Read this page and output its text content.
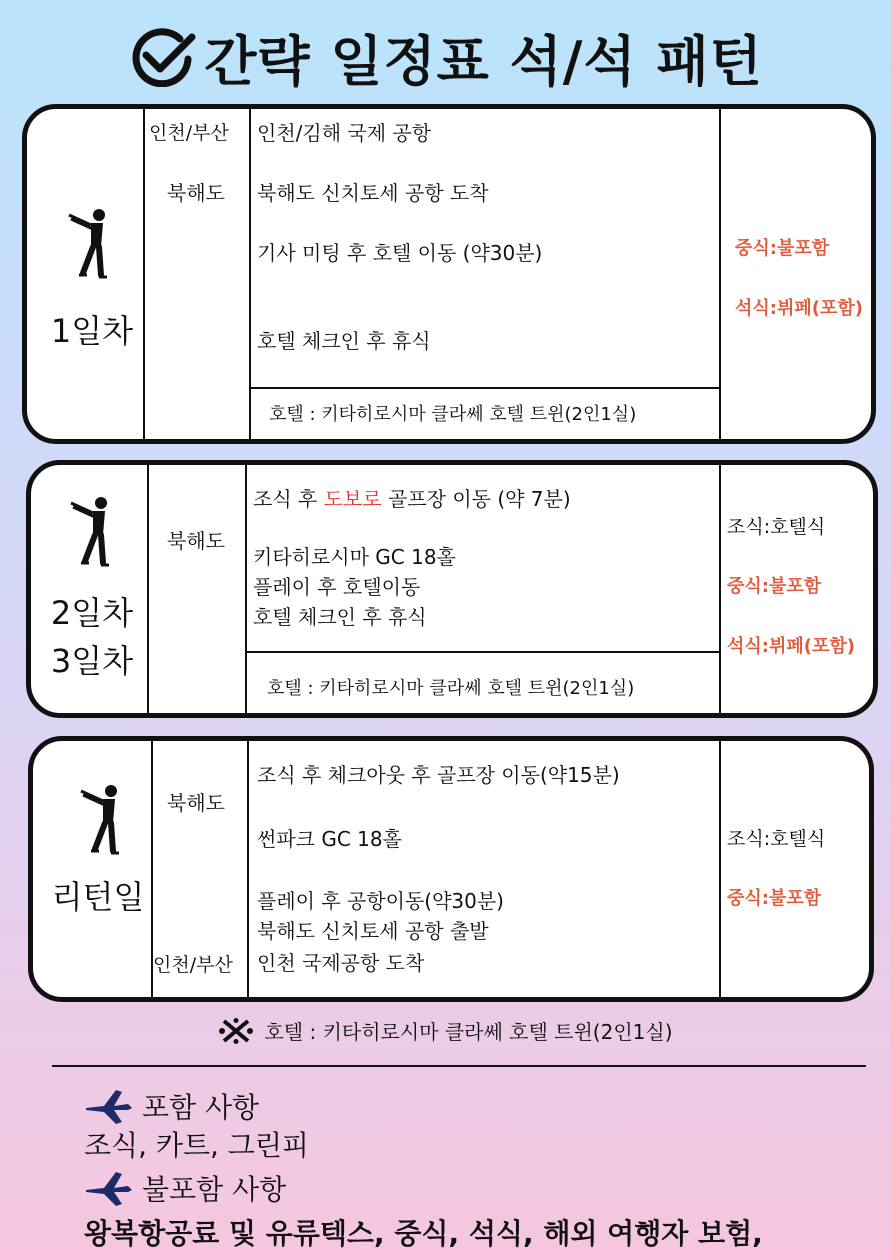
간략 일정표 석/석 패턴
1일차
인천/부산
북해도
인천/김해 국제 공항
북해도 신치토세 공항 도착
기사 미팅 후 호텔 이동 (약30분)
호텔 체크인 후 휴식
호텔 : 키타히로시마 클라쎄 호텔 트윈(2인1실)
중식:불포함
석식:뷔페(포함)
2일차
3일차
북해도
조식 후 도보로 골프장 이동 (약 7분)
키타히로시마 GC 18홀
플레이 후 호텔이동
호텔 체크인 후 휴식
호텔 : 키타히로시마 클라쎄 호텔 트윈(2인1실)
조식:호텔식
중식:불포함
석식:뷔페(포함)
리턴일
북해도
인천/부산
조식 후 체크아웃 후 골프장 이동(약15분)
썬파크 GC 18홀
플레이 후 공항이동(약30분)
북해도 신치토세 공항 출발
인천 국제공항 도착
조식:호텔식
중식:불포함
호텔 : 키타히로시마 클라쎄 호텔 트윈(2인1실)
포함 사항
조식, 카트, 그린피
불포함 사항
왕복항공료 및 유류텍스, 중식, 석식, 해외 여행자 보험,
